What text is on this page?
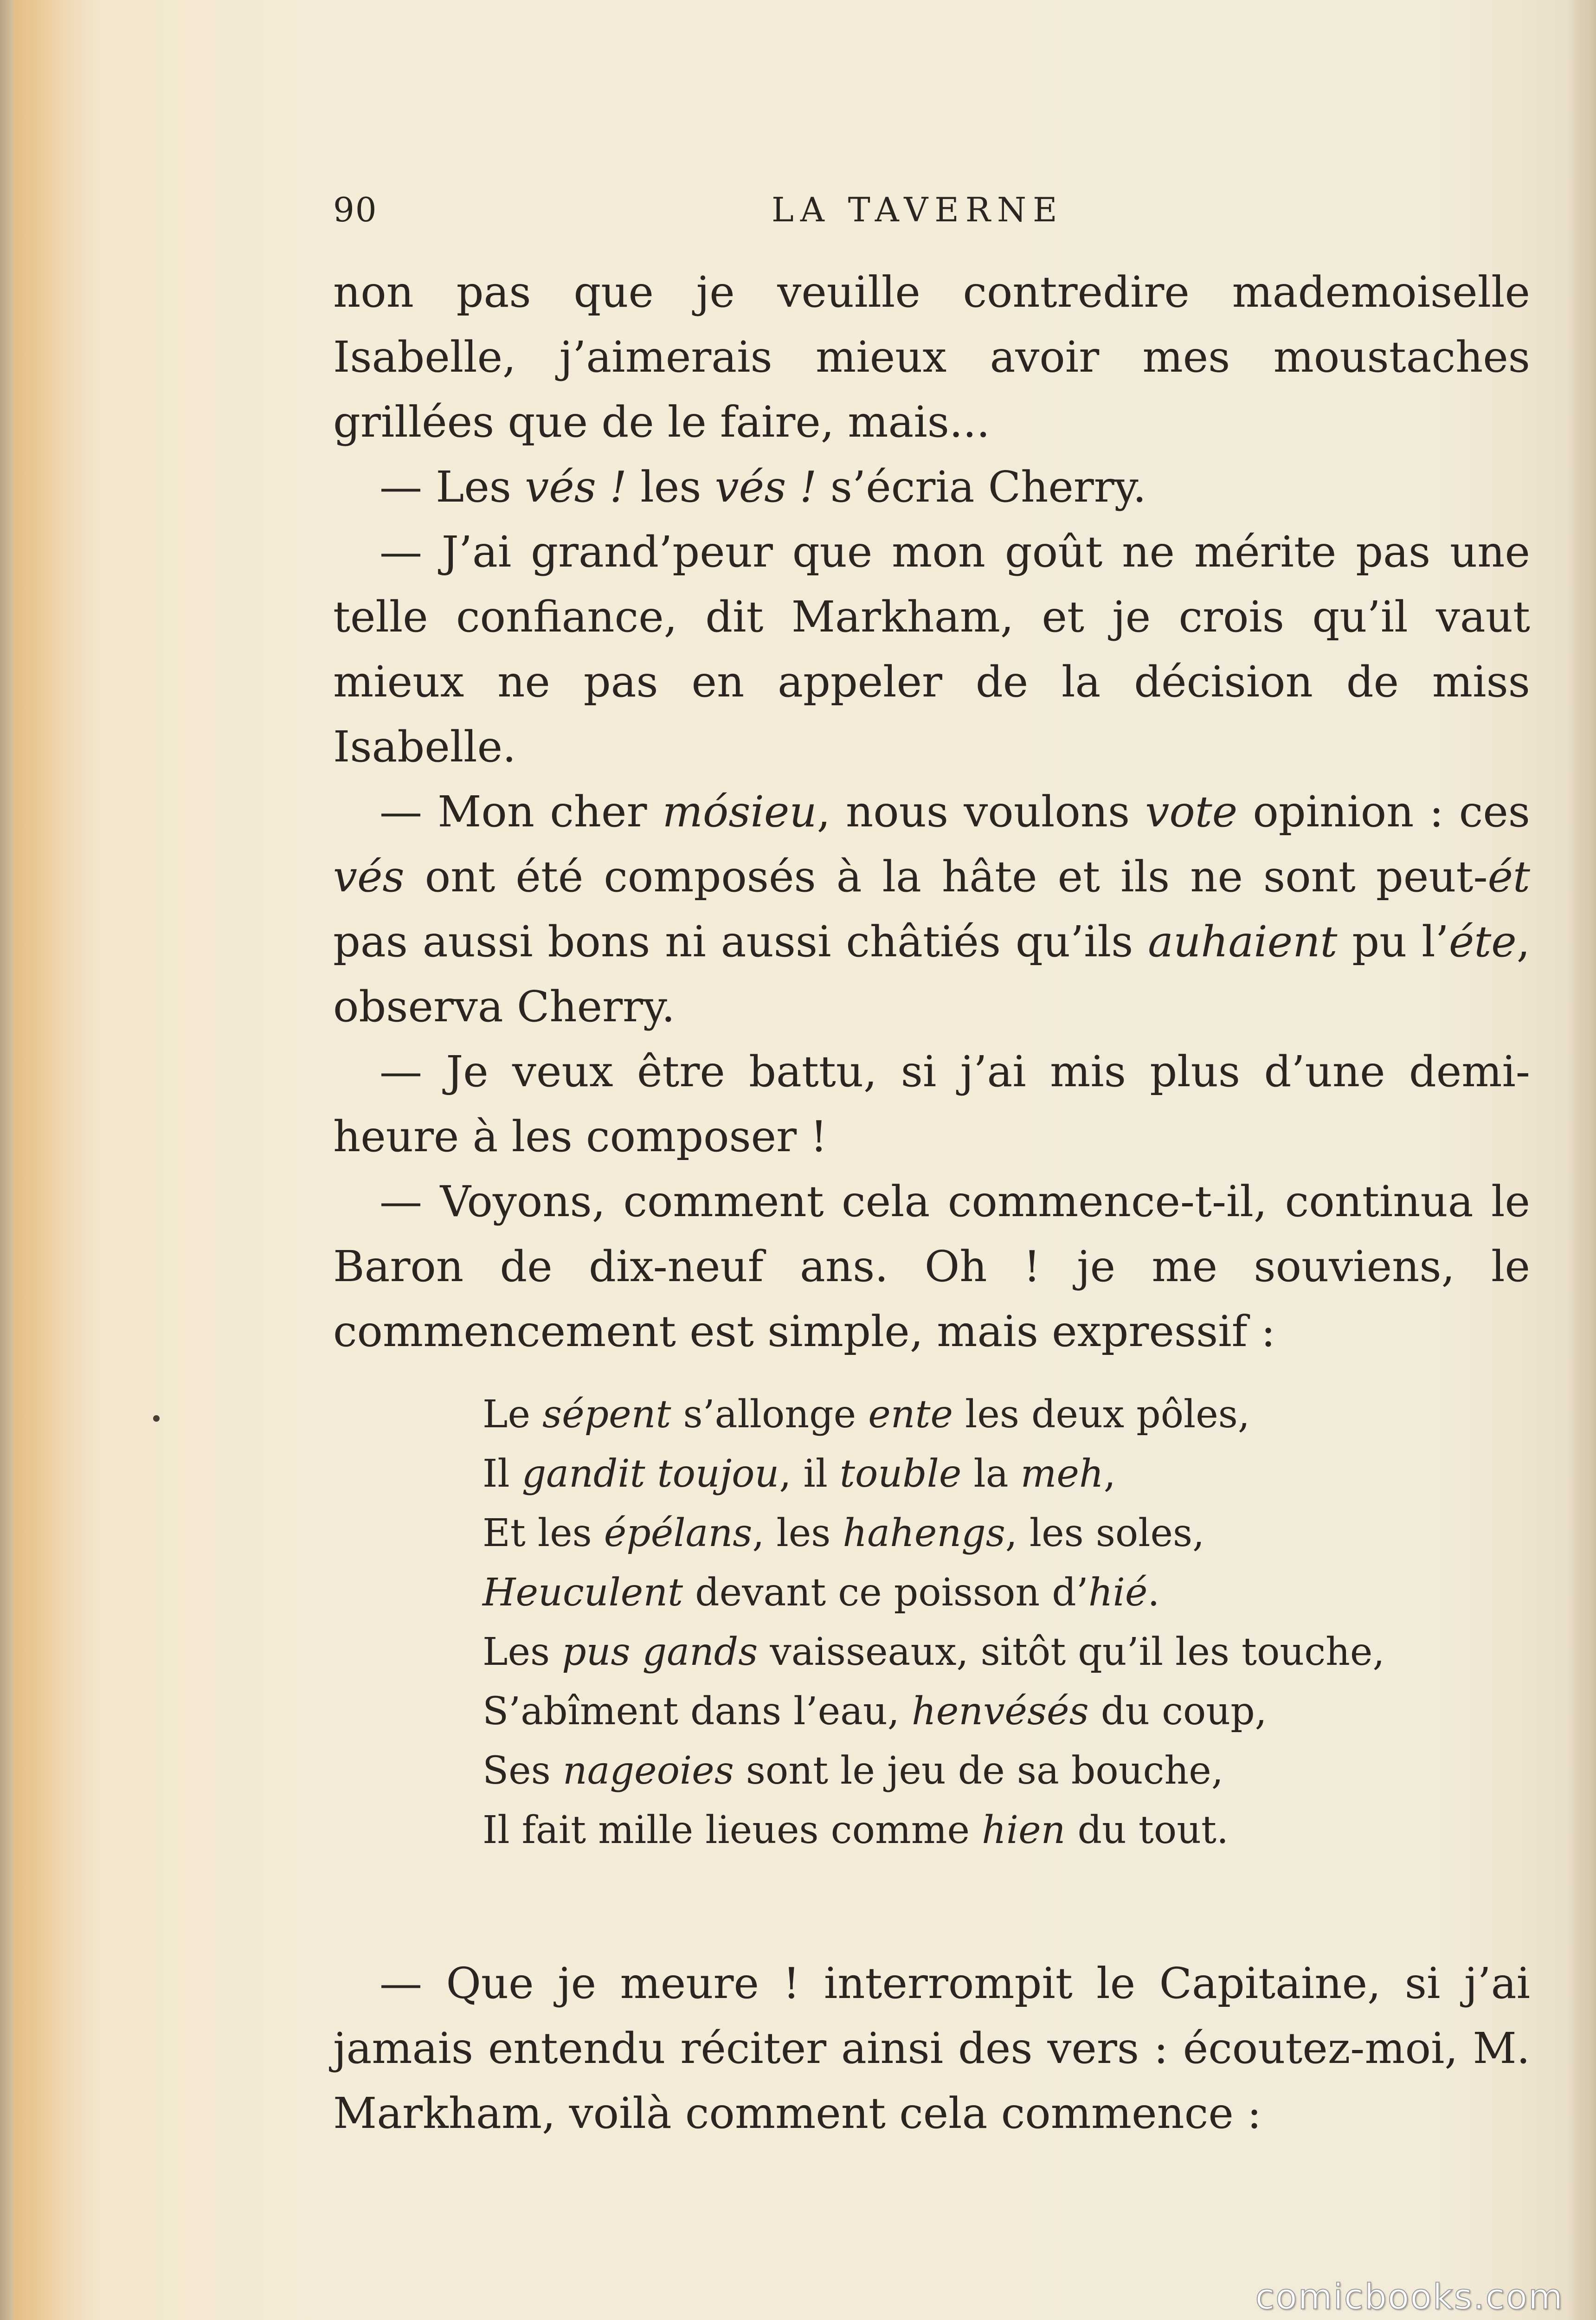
90	LA TAVERNE

non pas que je veuille contredire mademoiselle Isabelle, j’aimerais mieux avoir mes moustaches grillées que de le faire, mais...

— Les vés ! les vés ! s’écria Cherry.

— J’ai grand’peur que mon goût ne mérite pas une telle confiance, dit Markham, et je crois qu’il vaut mieux ne pas en appeler de la décision de miss Isabelle.

— Mon cher mósieu, nous voulons vote opinion : ces vés ont été composés à la hâte et ils ne sont peut-ét pas aussi bons ni aussi châtiés qu’ils auhaient pu l’éte, observa Cherry.

— Je veux être battu, si j’ai mis plus d’une demi-heure à les composer !

— Voyons, comment cela commence-t-il, continua le Baron de dix-neuf ans. Oh ! je me souviens, le commencement est simple, mais expressif :

Le sépent s’allonge ente les deux pôles,
Il gandit toujou, il touble la meh,
Et les épélans, les hahengs, les soles,
Heuculent devant ce poisson d’hié.
Les pus gands vaisseaux, sitôt qu’il les touche,
S’abîment dans l’eau, henvésés du coup,
Ses nageoies sont le jeu de sa bouche,
Il fait mille lieues comme hien du tout.

— Que je meure ! interrompit le Capitaine, si j’ai jamais entendu réciter ainsi des vers : écoutez-moi, M. Markham, voilà comment cela commence :

comicbooks.com
